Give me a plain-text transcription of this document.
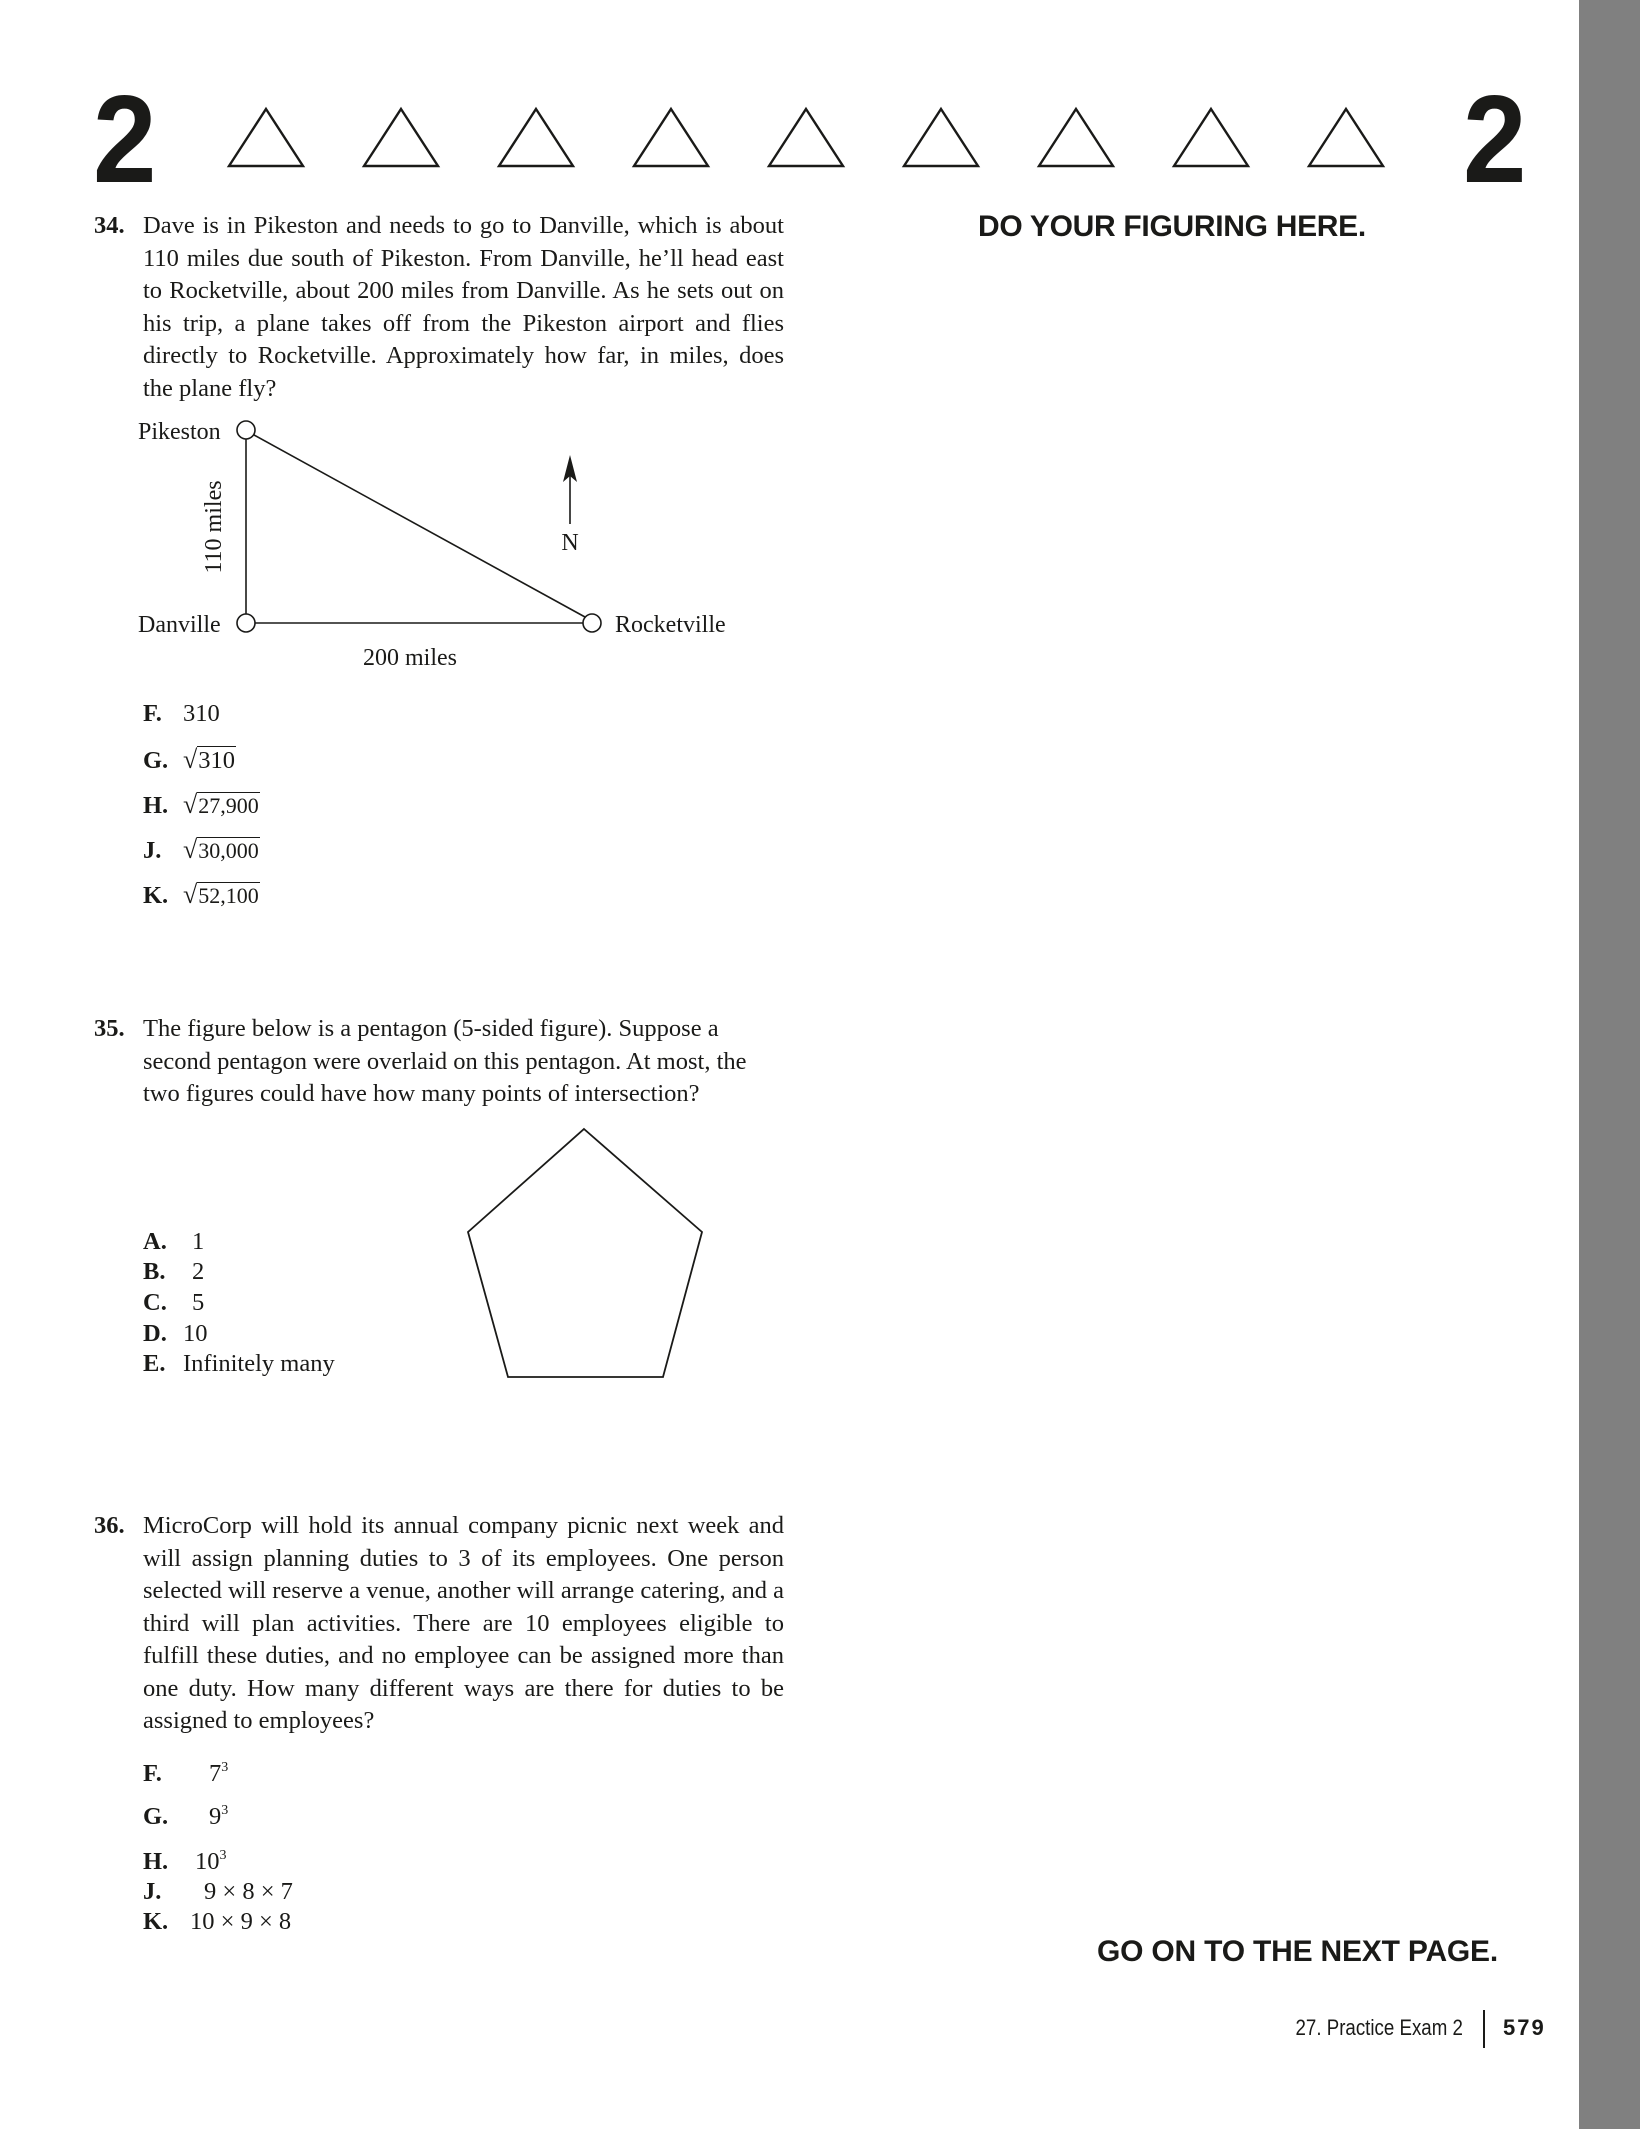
2	2
DO YOUR FIGURING HERE.
34. Dave is in Pikeston and needs to go to Danville, which is about 110 miles due south of Pikeston. From Danville, he’ll head east to Rocketville, about 200 miles from Danville. As he sets out on his trip, a plane takes off from the Pikeston airport and flies directly to Rocketville. Approximately how far, in miles, does the plane fly?
Pikeston
Danville	Rocketville
110 miles
200 miles
N
F. 310
G. √310
H. √27,900
J. √30,000
K. √52,100
35. The figure below is a pentagon (5-sided figure). Suppose a second pentagon were overlaid on this pentagon. At most, the two figures could have how many points of intersection?
A. 1
B. 2
C. 5
D. 10
E. Infinitely many
36. MicroCorp will hold its annual company picnic next week and will assign planning duties to 3 of its employees. One person selected will reserve a venue, another will arrange catering, and a third will plan activities. There are 10 employees eligible to fulfill these duties, and no employee can be assigned more than one duty. How many different ways are there for duties to be assigned to employees?
F. $7^3$
G. $9^3$
H. $10^3$
J. 9 × 8 × 7
K. 10 × 9 × 8
GO ON TO THE NEXT PAGE.
27. Practice Exam 2 579
